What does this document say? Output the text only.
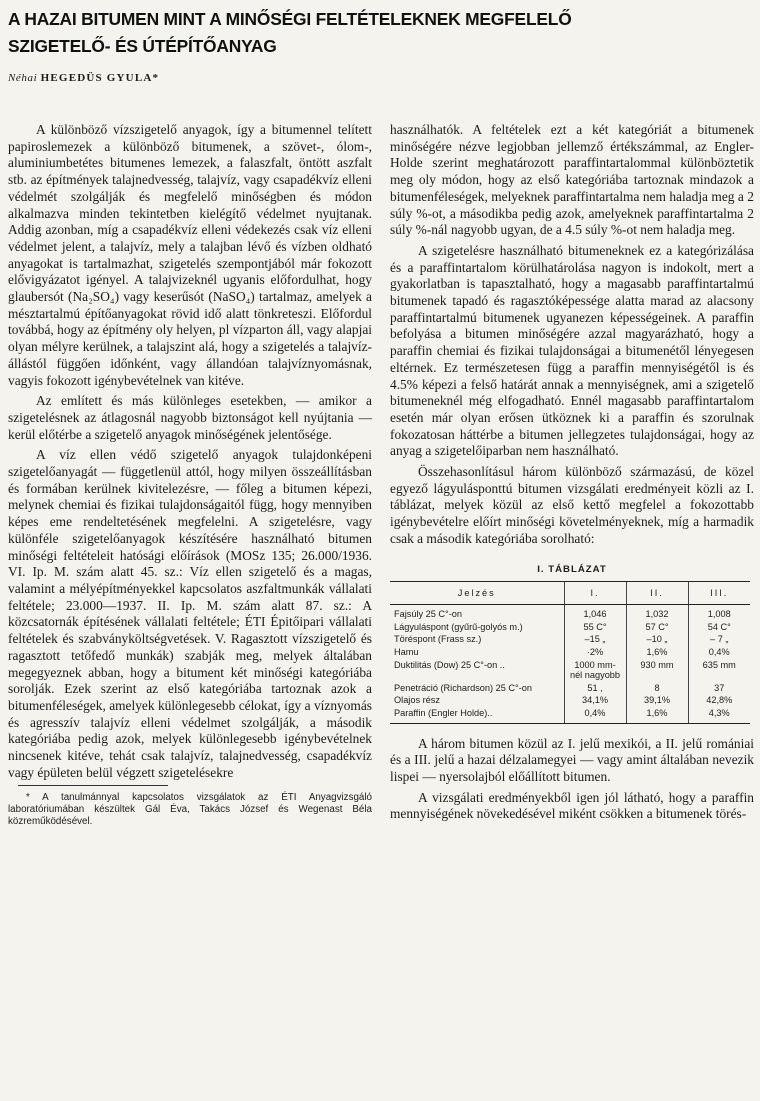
A HAZAI BITUMEN MINT A MINŐSÉGI FELTÉTELEKNEK MEGFELELŐ
SZIGETELŐ- ÉS ÚTÉPÍTŐANYAG
Néhai HEGEDÜS GYULA*

A különböző vízszigetelő anyagok, így a bitumennel telített papiroslemezek a különböző bitumenek, a szövet-, ólom-, aluminiumbetétes bitumenes lemezek, a falaszfalt, öntött aszfalt stb. az építmények talajnedvesség, talajvíz, vagy csapadékvíz elleni védelmét szolgálják és megfelelő minőségben és módon alkalmazva minden tekintetben kielégítő védelmet nyujtanak. Addig azonban, míg a csapadékvíz elleni védekezés csak víz elleni védelmet jelent, a talajvíz, mely a talajban lévő és vízben oldható anyagokat is tartalmazhat, szigetelés szempontjából már fokozott elővigyázatot igényel. A talajvizeknél ugyanis előfordulhat, hogy glaubersót (Na₂SO₄) vagy keserűsót (NaSO₄) tartalmaz, amelyek a mésztartalmú építőanyagokat rövid idő alatt tönkreteszi. Előfordul továbbá, hogy az építmény oly helyen, pl vízparton áll, vagy alapjai olyan mélyre kerülnek, a talajszint alá, hogy a szigetelés a talajvíz-állástól függően időnként, vagy állandóan talajvíznyomásnak, vagyis fokozott igénybevételnek van kitéve.

Az említett és más különleges esetekben, — amikor a szigetelésnek az átlagosnál nagyobb biztonságot kell nyújtania — kerül előtérbe a szigetelő anyagok minőségének jelentősége.

A víz ellen védő szigetelő anyagok tulajdonképeni szigetelőanyagát — függetlenül attól, hogy milyen összeállításban és formában kerülnek kivitelezésre, — főleg a bitumen képezi, melynek chemiai és fizikai tulajdonságaitól függ, hogy mennyiben képes eme rendeltetésének megfelelni. A szigetelésre, vagy különféle szigetelőanyagok készítésére használható bitumen minőségi feltételeit hatósági előírások (MOSz 135; 26.000/1936. VI. Ip. M. szám alatt 45. sz.: Víz ellen szigetelő és a magas, valamint a mélyépítményekkel kapcsolatos aszfaltmunkák vállalati feltétele; 23.000—1937. II. Ip. M. szám alatt 87. sz.: A közcsatornák építésének vállalati feltétele; ÉTI Épitőipari vállalati feltételek és szabványköltségvetések. V. Ragasztott vízszigetelő és ragasztott tetőfedő munkák) szabják meg, melyek általában megegyeznek abban, hogy a bitument két minőségi kategóriába sorolják. Ezek szerint az első kategóriába tartoznak azok a bitumenféleségek, amelyek különlegesebb célokat, így a víznyomás és agresszív talajvíz elleni védelmet szolgálják, a második kategóriába pedig azok, melyek különlegesebb igénybevételnek nincsenek kitéve, tehát csak talajvíz, talajnedvesség, csapadékvíz vagy épületen belül végzett szigetelésekre

* A tanulmánnyal kapcsolatos vizsgálatok az ÉTI Anyagvizsgáló laboratóriumában készültek Gál Éva, Takács József és Wegenast Béla közreműködésével.

használhatók. A feltételek ezt a két kategóriát a bitumenek minőségére nézve legjobban jellemző értékszámmal, az Engler-Holde szerint meghatározott paraffintartalommal különböztetik meg oly módon, hogy az első kategóriába tartoznak mindazok a bitumenféleségek, melyeknek paraffintartalma nem haladja meg a 2 súly %-ot, a másodikba pedig azok, amelyeknek paraffintartalma 2 súly %-nál nagyobb ugyan, de a 4.5 súly %-ot nem haladja meg.

A szigetelésre használható bitumeneknek ez a kategórizálása és a paraffintartalom körülhatárolása nagyon is indokolt, mert a gyakorlatban is tapasztalható, hogy a magasabb paraffintartalmú bitumenek tapadó és ragasztóképessége alatta marad az alacsony paraffintartalmú bitumenek ugyanezen képességeinek. A paraffin befolyása a bitumen minőségére azzal magyarázható, hogy a paraffin chemiai és fizikai tulajdonságai a bitumenétől lényegesen eltérnek. Ez természetesen függ a paraffin mennyiségétől is és 4.5% képezi a felső határát annak a mennyiségnek, ami a szigetelő bitumeneknél még elfogadható. Ennél magasabb paraffintartalom esetén már olyan erősen ütköznek ki a paraffin és szorulnak fokozatosan háttérbe a bitumen jellegzetes tulajdonságai, hogy az anyag a szigetelőiparban nem használható.

Összehasonlításul három különböző származású, de közel egyező lágyulásponttú bitumen vizsgálati eredményeit közli az I. táblázat, melyek közül az első kettő megfelel a fokozottabb igénybevételre előírt minőségi követelményeknek, míg a harmadik csak a második kategóriába sorolható:

I. TÁBLÁZAT
Jelzés	I.	II.	III.
Fajsúly 25 C°-on	1,046	1,032	1,008
Lágyuláspont (gyűrű-golyós m.)	55 C°	57 C°	54 C°
Töréspont (Frass sz.)	–15 „	–10 „	– 7 „
Hamu	·2%	1,6%	0,4%
Duktilitás (Dow) 25 C°-on ..	1000 mm-nél nagyobb	930 mm	635 mm
Penetráció (Richardson) 25 C°-on	51 ,	8	37
Olajos rész	34,1%	39,1%	42,8%
Paraffin (Engler Holde)..	0,4%	1,6%	4,3%

A három bitumen közül az I. jelű mexikói, a II. jelű romániai és a III. jelű a hazai délzalamegyei — vagy amint általában nevezik lispei — nyersolajból előállított bitumen.

A vizsgálati eredményekből igen jól látható, hogy a paraffin mennyiségének növekedésével miként csökken a bitumenek törés-
